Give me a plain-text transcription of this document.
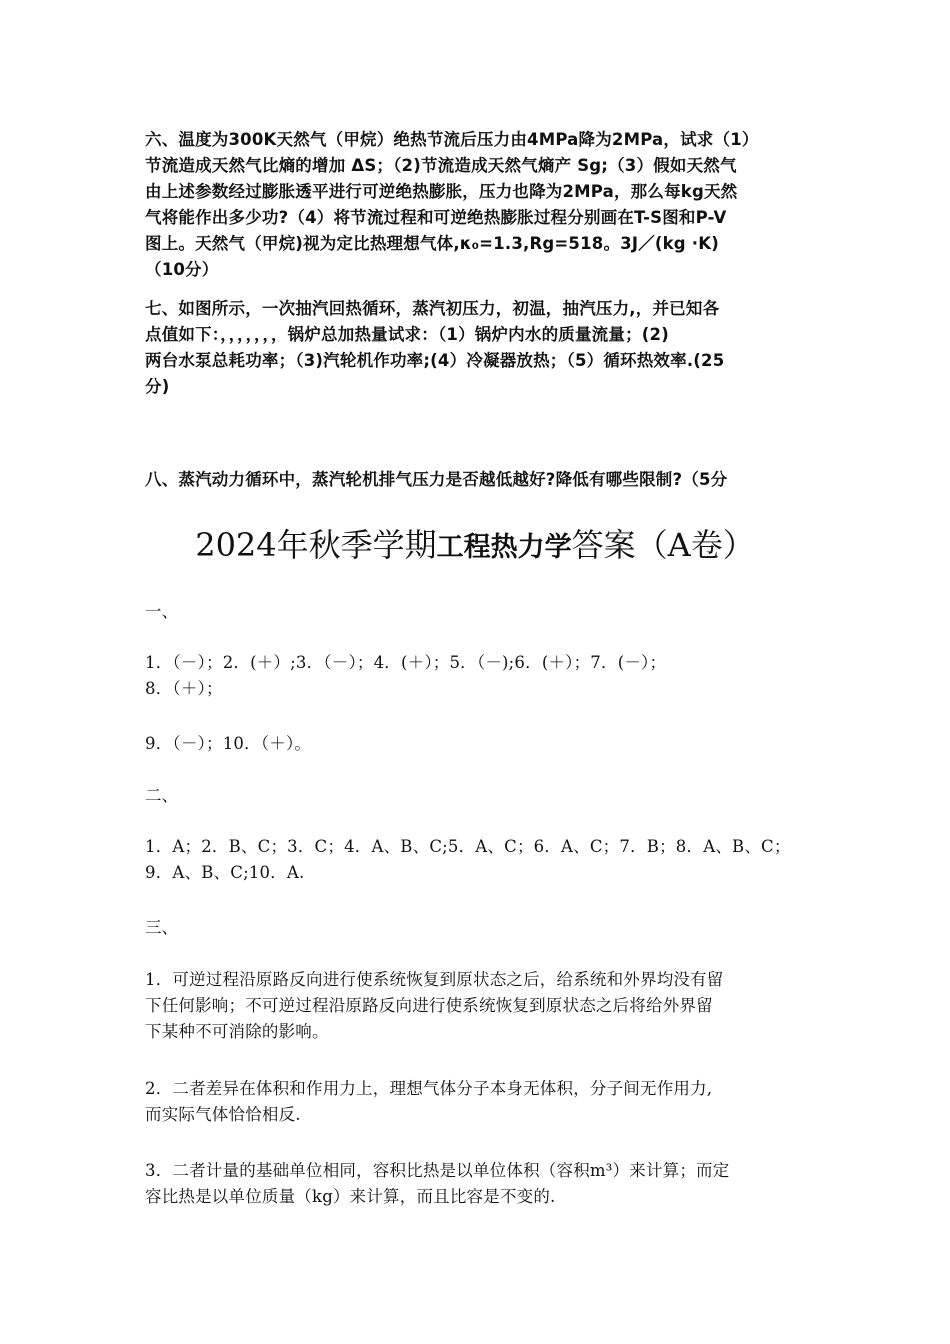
六、温度为300K天然气（甲烷）绝热节流后压力由4MPa降为2MPa，试求（1）
节流造成天然气比熵的增加 ΔS；（2)节流造成天然气熵产 Sg;（3）假如天然气
由上述参数经过膨胀透平进行可逆绝热膨胀，压力也降为2MPa，那么每kg天然
气将能作出多少功?（4）将节流过程和可逆绝热膨胀过程分别画在T-S图和P-V
图上。天然气（甲烷)视为定比热理想气体,κ₀=1.3,Rg=518。3J／(kg ·K)
（10分）
七、如图所示，一次抽汽回热循环，蒸汽初压力，初温，抽汽压力,，并已知各
点值如下：，，，，，，，锅炉总加热量试求：（1）锅炉内水的质量流量；(2)
两台水泵总耗功率；（3)汽轮机作功率;(4）冷凝器放热；（5）循环热效率.(25
分)
八、蒸汽动力循环中，蒸汽轮机排气压力是否越低越好?降低有哪些限制?（5分
2024年秋季学期工程热力学答案（A卷）
一、
1．（－）；2．(＋）;3．（－）；4．(＋）；5．（－);6．(＋）；7．(－）；
8．（＋）；
9．（－）；10．（＋）。
二、
1．A；2．B、C；3．C；4．A、B、C;5．A、C；6．A、C；7．B；8．A、B、C；
9．A、B、C;10．A.
三、
1．可逆过程沿原路反向进行使系统恢复到原状态之后，给系统和外界均没有留
下任何影响；不可逆过程沿原路反向进行使系统恢复到原状态之后将给外界留
下某种不可消除的影响。
2．二者差异在体积和作用力上，理想气体分子本身无体积，分子间无作用力,
而实际气体恰恰相反.
3．二者计量的基础单位相同，容积比热是以单位体积（容积m³）来计算；而定
容比热是以单位质量（kg）来计算，而且比容是不变的.
